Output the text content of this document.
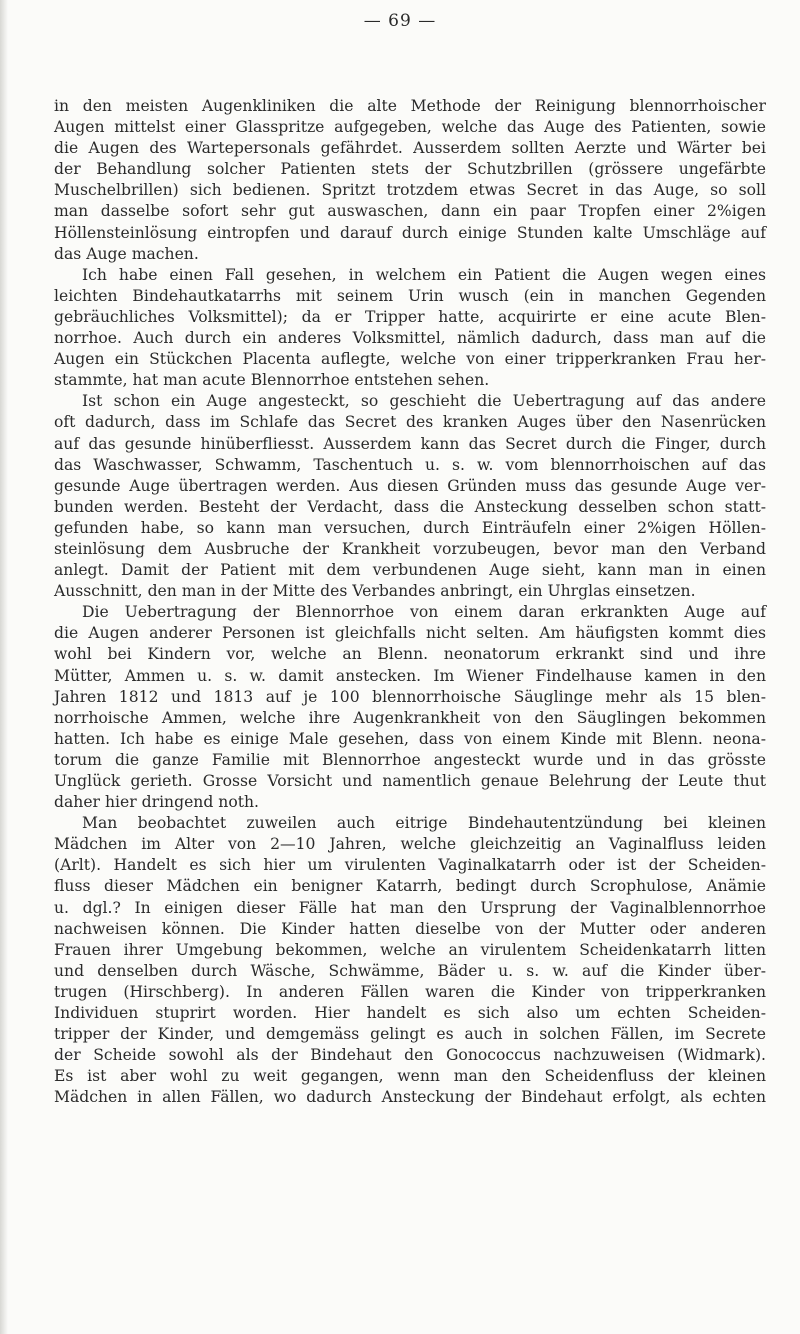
— 69 —
in den meisten Augenkliniken die alte Methode der Reinigung blennorrhoischer
Augen mittelst einer Glasspritze aufgegeben, welche das Auge des Patienten, sowie
die Augen des Wartepersonals gefährdet. Ausserdem sollten Aerzte und Wärter bei
der Behandlung solcher Patienten stets der Schutzbrillen (grössere ungefärbte
Muschelbrillen) sich bedienen. Spritzt trotzdem etwas Secret in das Auge, so soll
man dasselbe sofort sehr gut auswaschen, dann ein paar Tropfen einer 2%igen
Höllensteinlösung eintropfen und darauf durch einige Stunden kalte Umschläge auf
das Auge machen.
Ich habe einen Fall gesehen, in welchem ein Patient die Augen wegen eines
leichten Bindehautkatarrhs mit seinem Urin wusch (ein in manchen Gegenden
gebräuchliches Volksmittel); da er Tripper hatte, acquirirte er eine acute Blen-
norrhoe. Auch durch ein anderes Volksmittel, nämlich dadurch, dass man auf die
Augen ein Stückchen Placenta auflegte, welche von einer tripperkranken Frau her-
stammte, hat man acute Blennorrhoe entstehen sehen.
Ist schon ein Auge angesteckt, so geschieht die Uebertragung auf das andere
oft dadurch, dass im Schlafe das Secret des kranken Auges über den Nasenrücken
auf das gesunde hinüberfliesst. Ausserdem kann das Secret durch die Finger, durch
das Waschwasser, Schwamm, Taschentuch u. s. w. vom blennorrhoischen auf das
gesunde Auge übertragen werden. Aus diesen Gründen muss das gesunde Auge ver-
bunden werden. Besteht der Verdacht, dass die Ansteckung desselben schon statt-
gefunden habe, so kann man versuchen, durch Einträufeln einer 2%igen Höllen-
steinlösung dem Ausbruche der Krankheit vorzubeugen, bevor man den Verband
anlegt. Damit der Patient mit dem verbundenen Auge sieht, kann man in einen
Ausschnitt, den man in der Mitte des Verbandes anbringt, ein Uhrglas einsetzen.
Die Uebertragung der Blennorrhoe von einem daran erkrankten Auge auf
die Augen anderer Personen ist gleichfalls nicht selten. Am häufigsten kommt dies
wohl bei Kindern vor, welche an Blenn. neonatorum erkrankt sind und ihre
Mütter, Ammen u. s. w. damit anstecken. Im Wiener Findelhause kamen in den
Jahren 1812 und 1813 auf je 100 blennorrhoische Säuglinge mehr als 15 blen-
norrhoische Ammen, welche ihre Augenkrankheit von den Säuglingen bekommen
hatten. Ich habe es einige Male gesehen, dass von einem Kinde mit Blenn. neona-
torum die ganze Familie mit Blennorrhoe angesteckt wurde und in das grösste
Unglück gerieth. Grosse Vorsicht und namentlich genaue Belehrung der Leute thut
daher hier dringend noth.
Man beobachtet zuweilen auch eitrige Bindehautentzündung bei kleinen
Mädchen im Alter von 2—10 Jahren, welche gleichzeitig an Vaginalfluss leiden
(Arlt). Handelt es sich hier um virulenten Vaginalkatarrh oder ist der Scheiden-
fluss dieser Mädchen ein benigner Katarrh, bedingt durch Scrophulose, Anämie
u. dgl.? In einigen dieser Fälle hat man den Ursprung der Vaginalblennorrhoe
nachweisen können. Die Kinder hatten dieselbe von der Mutter oder anderen
Frauen ihrer Umgebung bekommen, welche an virulentem Scheidenkatarrh litten
und denselben durch Wäsche, Schwämme, Bäder u. s. w. auf die Kinder über-
trugen (Hirschberg). In anderen Fällen waren die Kinder von tripperkranken
Individuen stuprirt worden. Hier handelt es sich also um echten Scheiden-
tripper der Kinder, und demgemäss gelingt es auch in solchen Fällen, im Secrete
der Scheide sowohl als der Bindehaut den Gonococcus nachzuweisen (Widmark).
Es ist aber wohl zu weit gegangen, wenn man den Scheidenfluss der kleinen
Mädchen in allen Fällen, wo dadurch Ansteckung der Bindehaut erfolgt, als echten
